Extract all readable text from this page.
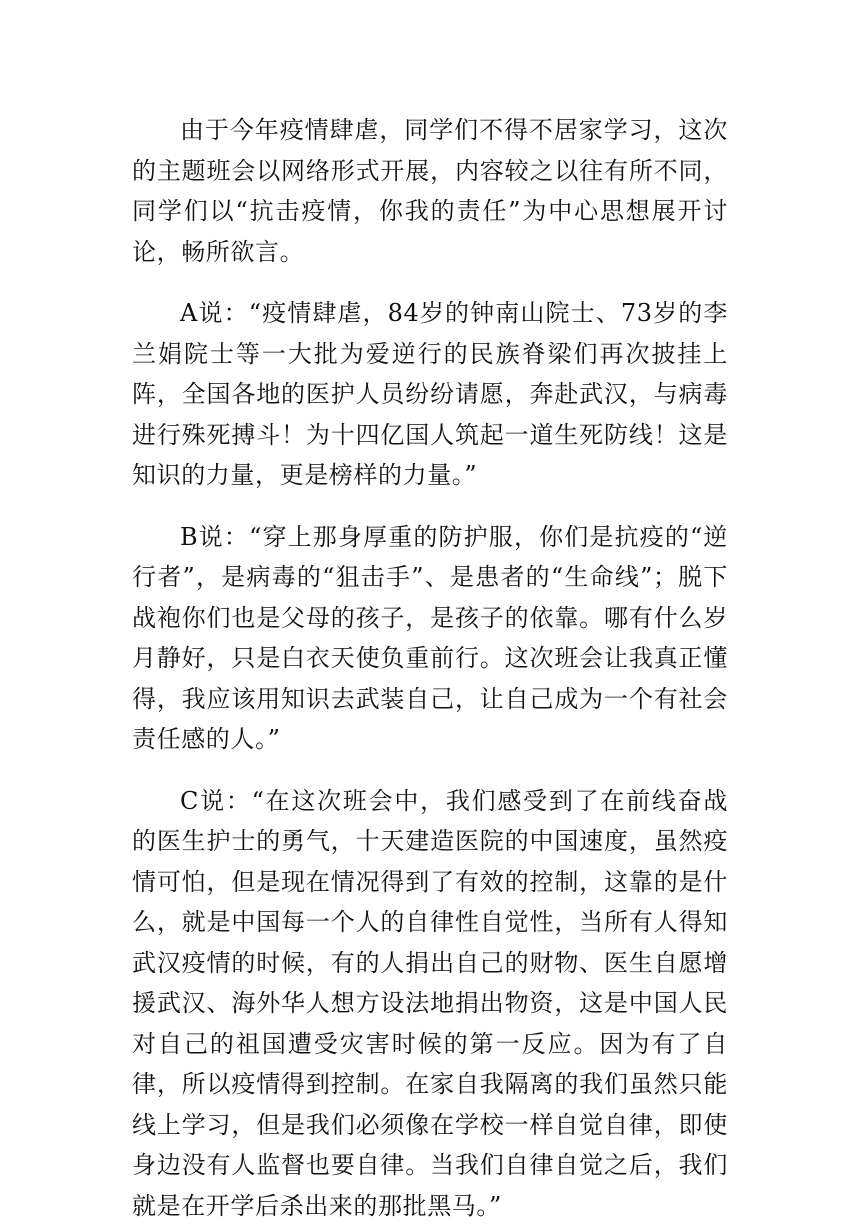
由于今年疫情肆虐，同学们不得不居家学习，这次的主题班会以网络形式开展，内容较之以往有所不同，同学们以“抗击疫情，你我的责任”为中心思想展开讨论，畅所欲言。

A说：“疫情肆虐，84岁的钟南山院士、73岁的李兰娟院士等一大批为爱逆行的民族脊梁们再次披挂上阵，全国各地的医护人员纷纷请愿，奔赴武汉，与病毒进行殊死搏斗！为十四亿国人筑起一道生死防线！这是知识的力量，更是榜样的力量。”

B说：“穿上那身厚重的防护服，你们是抗疫的“逆行者”，是病毒的“狙击手”、是患者的“生命线”；脱下战袍你们也是父母的孩子，是孩子的依靠。哪有什么岁月静好，只是白衣天使负重前行。这次班会让我真正懂得，我应该用知识去武装自己，让自己成为一个有社会责任感的人。”

C说：“在这次班会中，我们感受到了在前线奋战的医生护士的勇气，十天建造医院的中国速度，虽然疫情可怕，但是现在情况得到了有效的控制，这靠的是什么，就是中国每一个人的自律性自觉性，当所有人得知武汉疫情的时候，有的人捐出自己的财物、医生自愿增援武汉、海外华人想方设法地捐出物资，这是中国人民对自己的祖国遭受灾害时候的第一反应。因为有了自律，所以疫情得到控制。在家自我隔离的我们虽然只能线上学习，但是我们必须像在学校一样自觉自律，即使身边没有人监督也要自律。当我们自律自觉之后，我们就是在开学后杀出来的那批黑马。”
